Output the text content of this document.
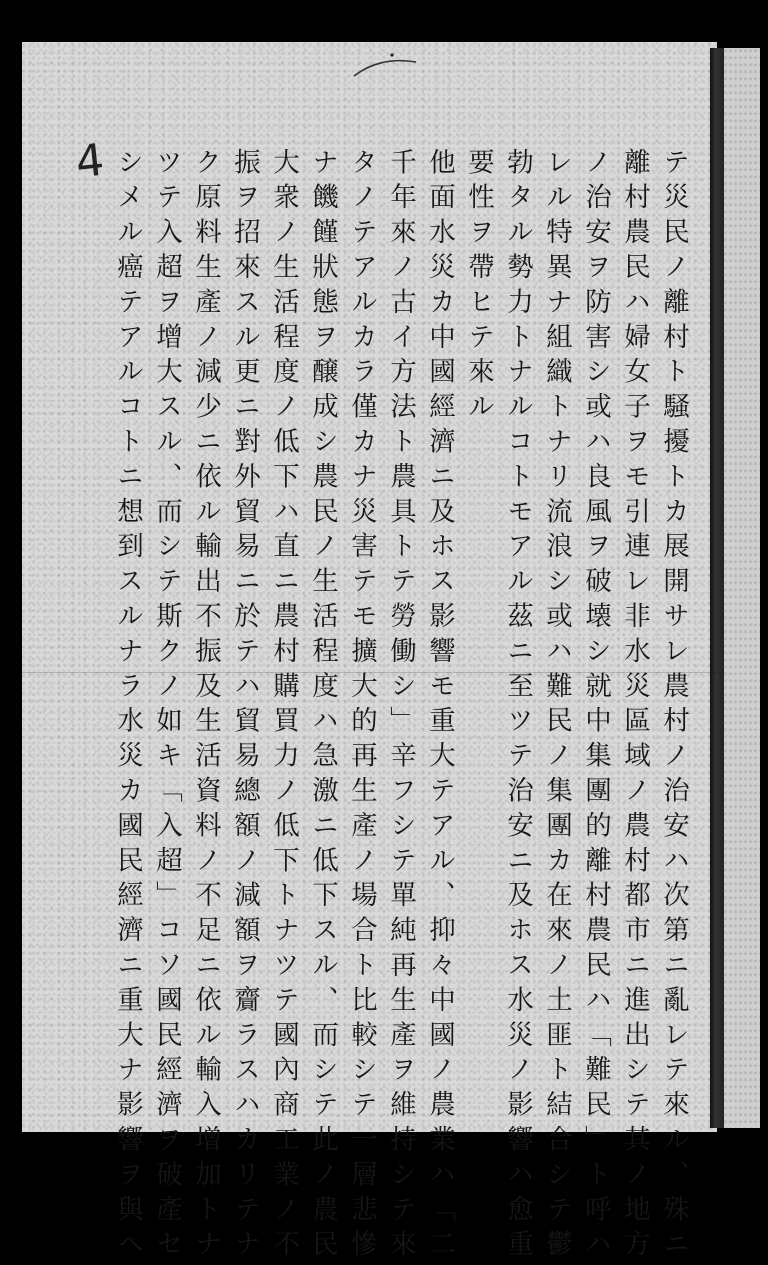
4	テ災民ノ離村ト騒擾トカ展開サレ農村ノ治安ハ次第ニ亂レテ來ル、殊ニ
離村農民ハ婦女子ヲモ引連レ非水災區域ノ農村都市ニ進出シテ其ノ地方
ノ治安ヲ防害シ或ハ良風ヲ破壊シ就中集團的離村農民ハ「難民」ト呼ハ
レル特異ナ組織トナリ流浪シ或ハ難民ノ集團カ在來ノ土匪ト結合シテ鬱
勃タル勢力トナルコトモアル茲ニ至ツテ治安ニ及ホス水災ノ影響ハ愈重
要性ヲ帶ヒテ來ル
他面水災カ中國經濟ニ及ホス影響モ重大テアル、抑々中國ノ農業ハ「二
千年來ノ古イ方法ト農具トテ勞働シ」辛フシテ單純再生產ヲ維持シテ來
タノテアルカラ僅カナ災害テモ擴大的再生產ノ場合ト比較シテ一層悲慘
ナ饑饉狀態ヲ醸成シ農民ノ生活程度ハ急激ニ低下スル、而シテ此ノ農民
大衆ノ生活程度ノ低下ハ直ニ農村購買力ノ低下トナツテ國內商工業ノ不
振ヲ招來スル更ニ對外貿易ニ於テハ貿易總額ノ減額ヲ齎ラスハカリテナ
ク原料生產ノ減少ニ依ル輸出不振及生活資料ノ不足ニ依ル輸入增加トナ
ツテ入超ヲ增大スル、而シテ斯クノ如キ「入超」コソ國民經濟ヲ破產セ
シメル癌テアルコトニ想到スルナラ水災カ國民經濟ニ重大ナ影響ヲ與ヘ
